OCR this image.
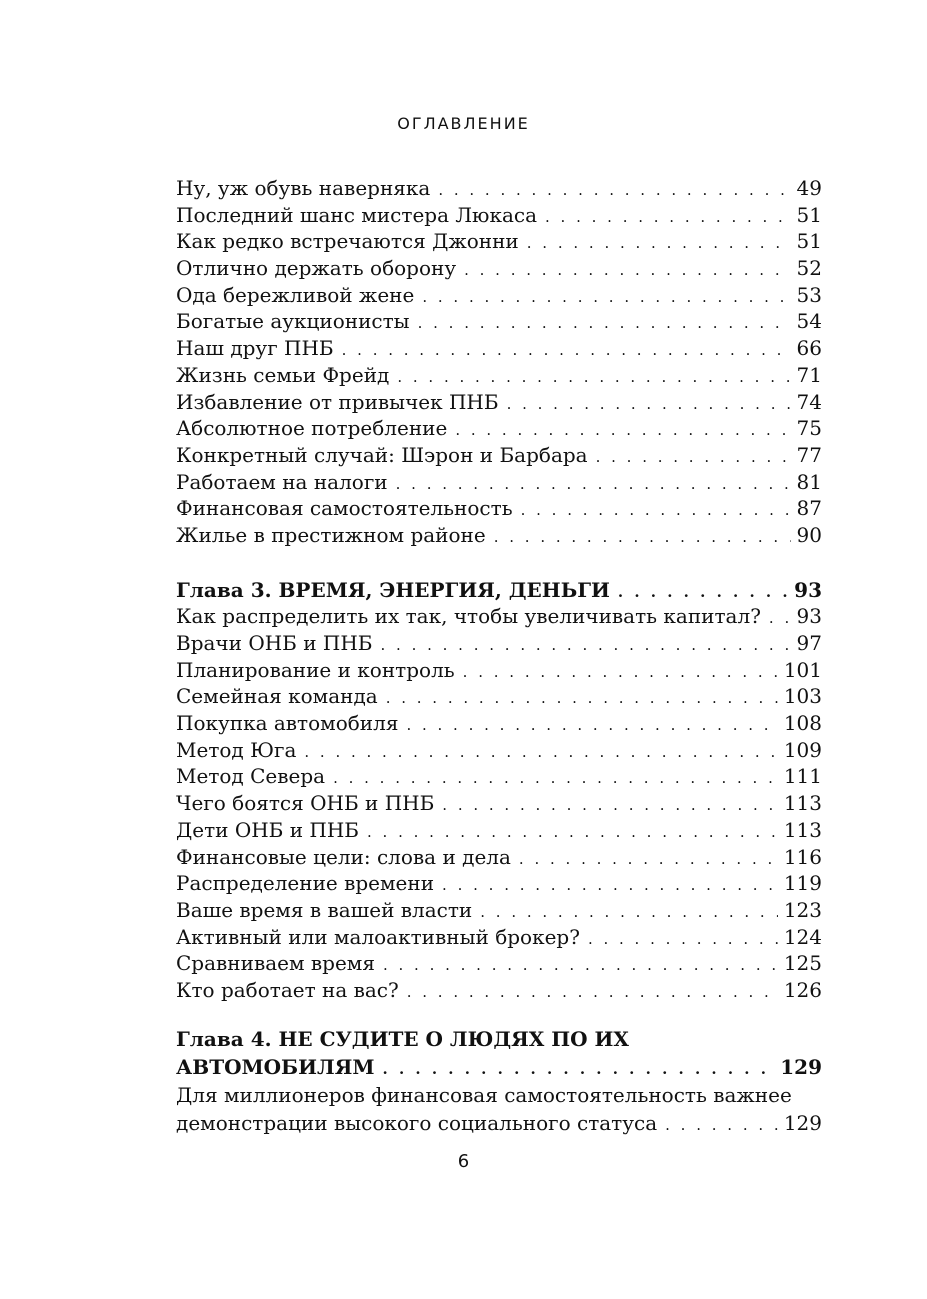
ОГЛАВЛЕНИЕ
Ну, уж обувь наверняка . . .	49
Последний шанс мистера Люкаса . . .	51
Как редко встречаются Джонни . . .	51
Отлично держать оборону . . .	52
Ода бережливой жене . . .	53
Богатые аукционисты . . .	54
Наш друг ПНБ . . .	66
Жизнь семьи Фрейд . . .	71
Избавление от привычек ПНБ . . .	74
Абсолютное потребление . . .	75
Конкретный случай: Шэрон и Барбара . . .	77
Работаем на налоги . . .	81
Финансовая самостоятельность . . .	87
Жилье в престижном районе . . .	90
Глава 3. ВРЕМЯ, ЭНЕРГИЯ, ДЕНЬГИ . . .	93
Как распределить их так, чтобы увеличивать капитал? . . . 93
Врачи ОНБ и ПНБ . . .	97
Планирование и контроль . . .	101
Семейная команда . . .	103
Покупка автомобиля . . .	108
Метод Юга . . .	109
Метод Севера . . .	111
Чего боятся ОНБ и ПНБ . . .	113
Дети ОНБ и ПНБ . . .	113
Финансовые цели: слова и дела . . .	116
Распределение времени . . .	119
Ваше время в вашей власти . . .	123
Активный или малоактивный брокер? . . .	124
Сравниваем время . . .	125
Кто работает на вас? . . .	126
Глава 4. НЕ СУДИТЕ О ЛЮДЯХ ПО ИХ
АВТОМОБИЛЯМ . . .	129
Для миллионеров финансовая самостоятельность важнее
демонстрации высокого социального статуса . . .	129
6
